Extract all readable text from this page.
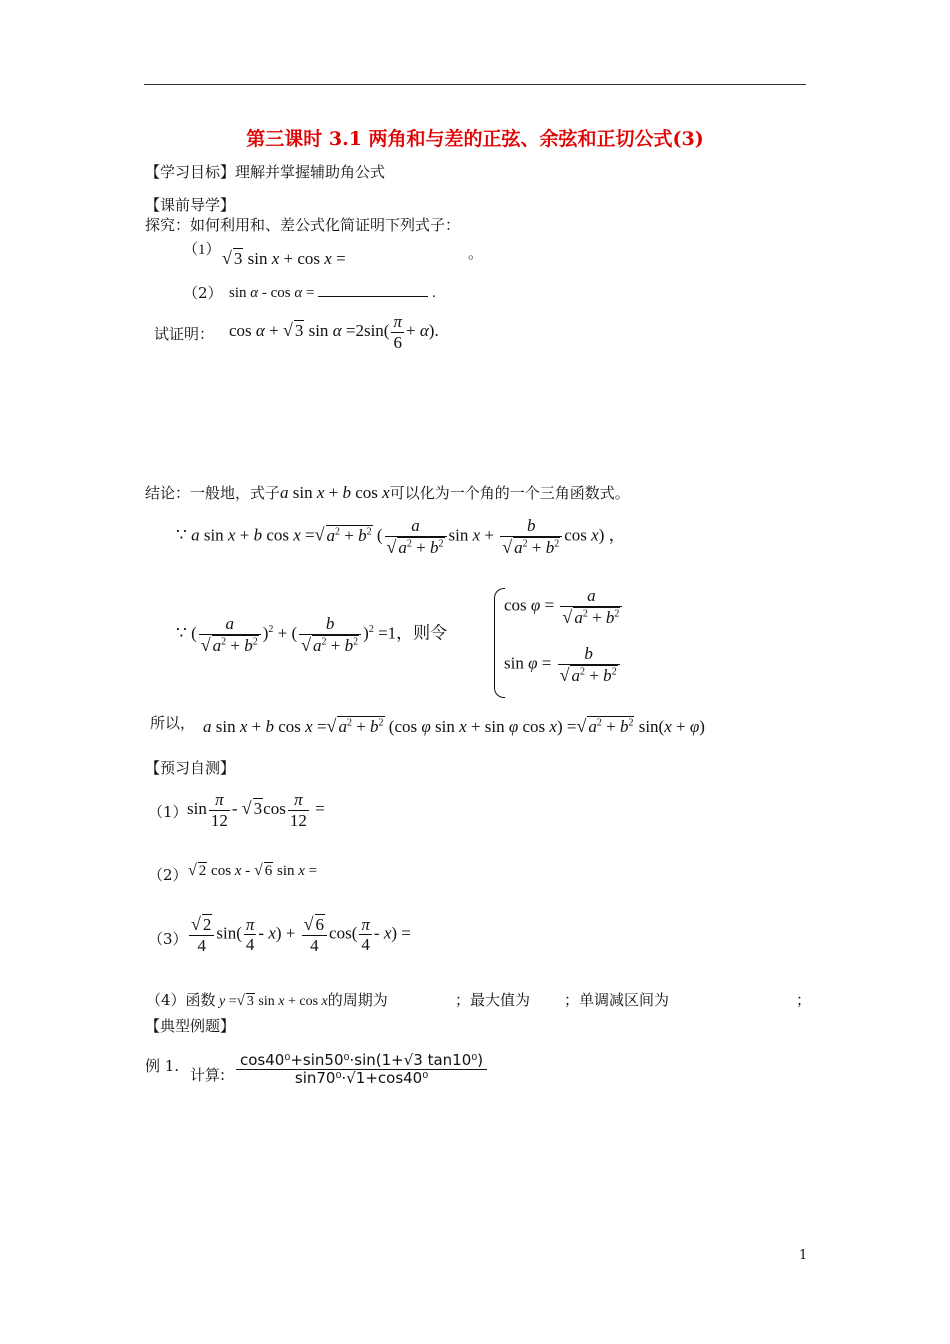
第三课时 3.1 两角和与差的正弦、余弦和正切公式(3)
【学习目标】理解并掌握辅助角公式
【课前导学】
探究：如何利用和、差公式化简证明下列式子：
（1） √ 3 sin x + cos x =	。
（2） sin α - cos α =	.
试证明： cos α + √ 3 $\sin \alpha =2\sin( \frac{\pi}{6} + \alpha)$.
结论：一般地，式子a sin x + b cos x可以化为一个角的一个三角函数式。
∵ a sin x + b cos x =√ $a^2 + b^2$ ( $\frac{a}{√ a^2 + b^2}$ $\sin x + \frac{b}{√ a^2 + b^2}$ cos x) ，
∵ ( $\frac{a}{√ a^2 + b^2} )^2$ + ( $\frac{b}{√ a^2 + b^2} )^2 =1$，则令
$\cos \varphi = \frac{a}{√ a^2 + b^2}$
$\sin \varphi = \frac{b}{√ a^2 + b^2}$
所以， a sin x + b cos x =√ $a^2 + b^2$ (cos φ sin x + sin φ cos x) =√ $a^2 + b^2$ sin(x + φ)
【预习自测】
（1） $\sin \frac{\pi}{12}$ - √ $3\cos \frac{\pi}{12}$ =
（2） √ 2 cos x - √ 6 sin x =
$(3) \frac{√ 2}{4} \sin( \frac{\pi}{4} - x) + \frac{√ 6}{4} \cos( \frac{\pi}{4} - x)$ =
（4）函数 y =√ 3 sin x + cos x的周期为	；最大值为 ；单调减区间为	；
【典型例题】
例 1. 计算: $\frac{\text{cos40⁰+sin50⁰⋅sin(1+√3 tan10⁰)}}{\text{sin70⁰⋅√1+cos40⁰}}$
1
